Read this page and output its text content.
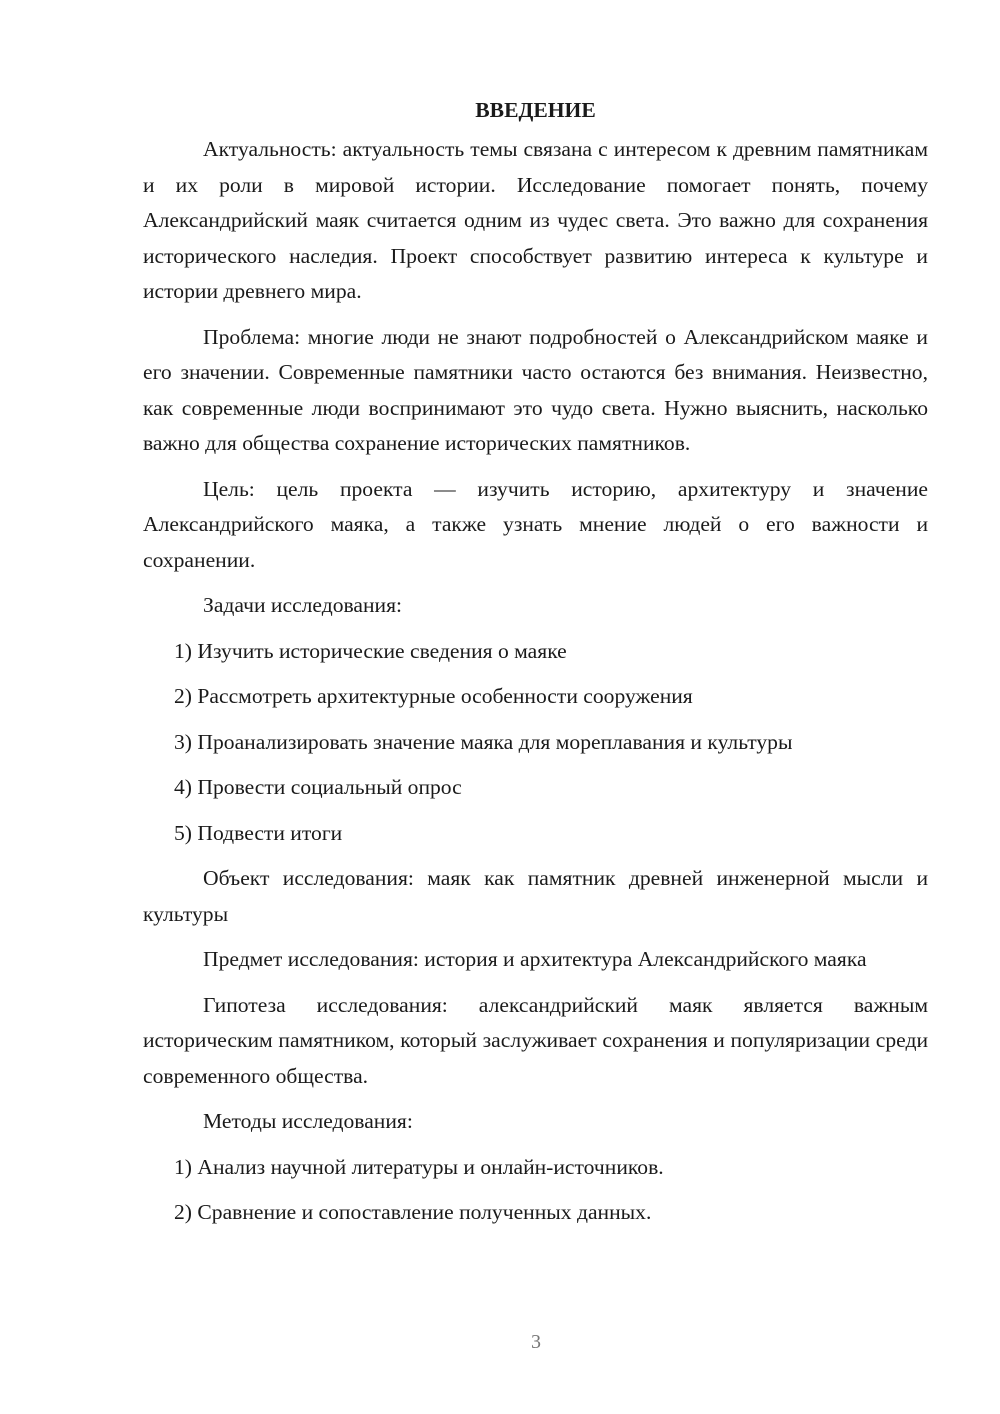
ВВЕДЕНИЕ

Актуальность: актуальность темы связана с интересом к древним памятникам и их роли в мировой истории. Исследование помогает понять, почему Александрийский маяк считается одним из чудес света. Это важно для сохранения исторического наследия. Проект способствует развитию интереса к культуре и истории древнего мира.

Проблема: многие люди не знают подробностей о Александрийском маяке и его значении. Современные памятники часто остаются без внимания. Неизвестно, как современные люди воспринимают это чудо света. Нужно выяснить, насколько важно для общества сохранение исторических памятников.

Цель: цель проекта — изучить историю, архитектуру и значение Александрийского маяка, а также узнать мнение людей о его важности и сохранении.

Задачи исследования:

1) Изучить исторические сведения о маяке
2) Рассмотреть архитектурные особенности сооружения
3) Проанализировать значение маяка для мореплавания и культуры
4) Провести социальный опрос
5) Подвести итоги

Объект исследования: маяк как памятник древней инженерной мысли и культуры

Предмет исследования: история и архитектура Александрийского маяка

Гипотеза исследования: александрийский маяк является важным историческим памятником, который заслуживает сохранения и популяризации среди современного общества.

Методы исследования:

1) Анализ научной литературы и онлайн-источников.
2) Сравнение и сопоставление полученных данных.
3
